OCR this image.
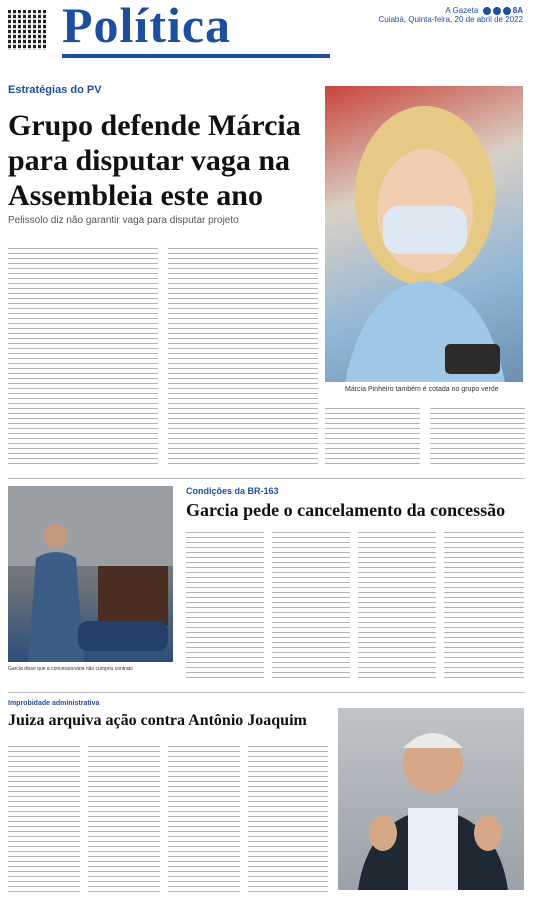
Política	A Gazeta	8A
Cuiabá, Quinta-feira, 20 de abril de 2022
Estratégias do PV
Grupo defende Márcia
para disputar vaga na
Assembleia este ano
Pelissolo diz não garantir vaga para disputar projeto
Márcia Pinheiro também é cotada no grupo verde
Garcia disse que a concessionária não cumpriu contrato
Condições da BR-163
Garcia pede o cancelamento da concessão
Improbidade administrativa
Juiza arquiva ação contra Antônio Joaquim
